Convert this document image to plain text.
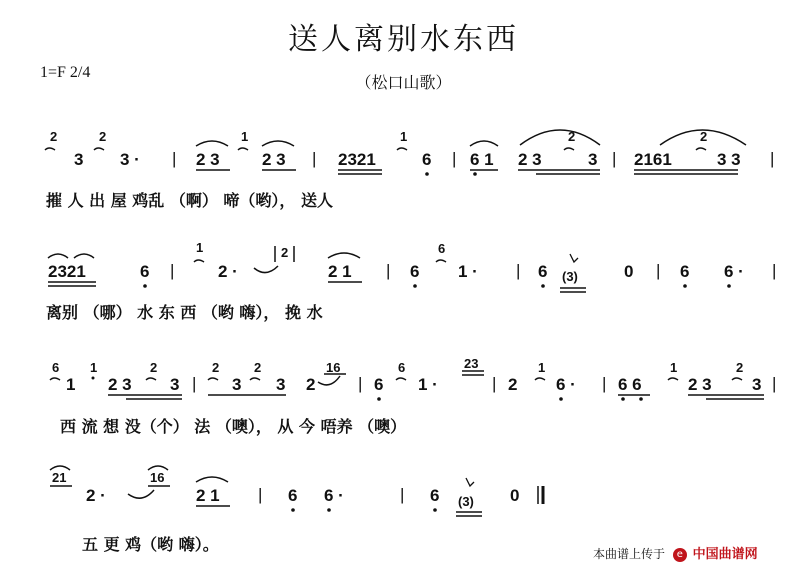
送人离别水东西
1=F 2/4
（松口山歌）
2
3
2
3 · | 2 3
1
2 3 | 2321
1
6 | 6 1 2 3
2
3 | 2161
2
3 3 |
2321	6 |
1
2 ·
2
2 1 | 6
6
1 · | 6 (3)	0 | 6 6 · |
6
1
1
2 3
2
3 |
2
3
2
3 2
16
| 6
6
1 ·
23
| 2
1
6 · | 6 6
1
2 3
2
3 |
21
2 ·
16
2 1 | 6 6 ·	| 6 (3) 0
摧 人 出 屋 鸡乱 （啊） 啼（哟）， 送人
离别 （哪） 水 东 西 （哟 嗨）， 挽 水
西 流 想 没（个） 法 （噢）， 从 今 唔养 （噢）
五 更 鸡（哟 嗨）。	本曲谱上传于 e 中国曲谱网
